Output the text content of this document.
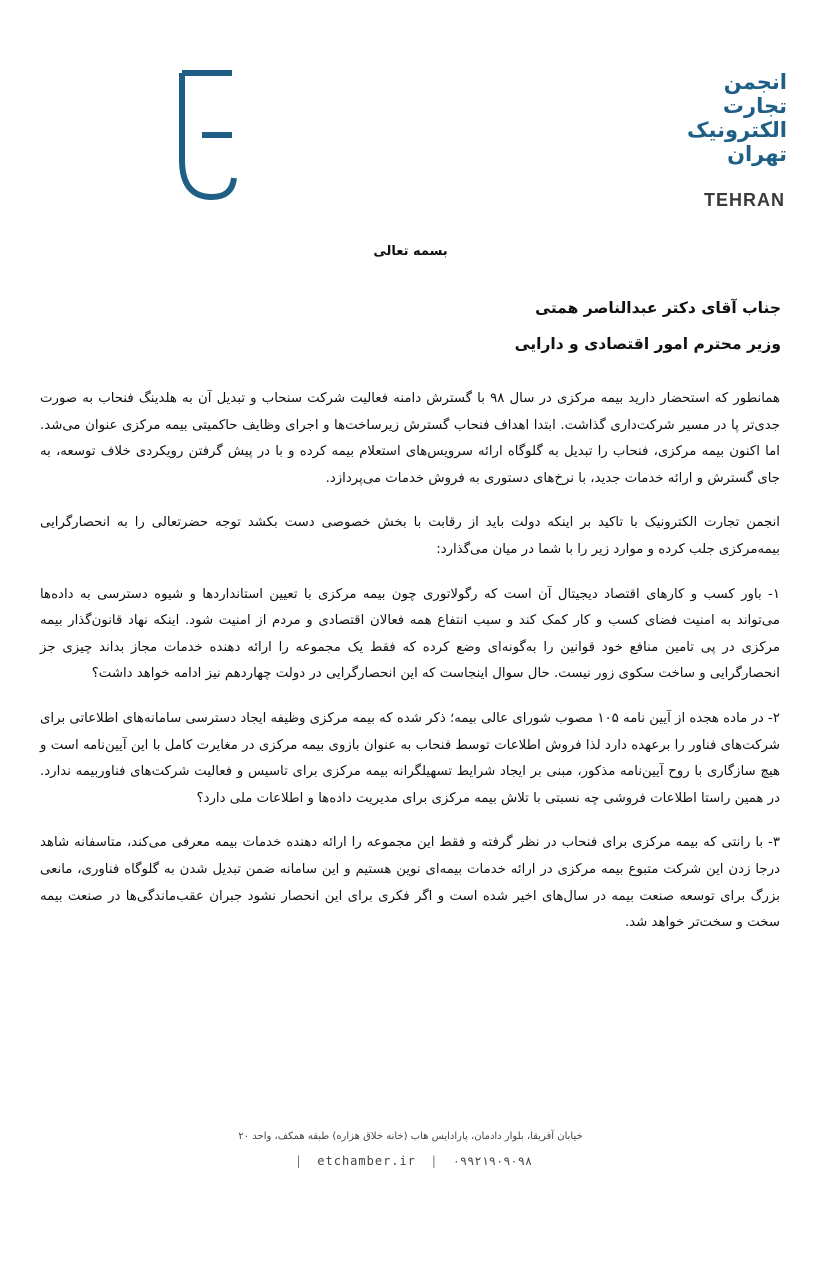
انجمن
تجارت
الکترونیک
تهران
TEHRAN
بسمه تعالی
جناب آقای دکتر عبدالناصر همتی
وزیر محترم امور اقتصادی و دارایی

همانطور که استحضار دارید بیمه مرکزی در سال ۹۸ با گسترش دامنه فعالیت شرکت سنحاب و تبدیل آن به هلدینگ فنحاب به صورت جدی‌تر پا در مسیر شرکت‌داری گذاشت. ابتدا اهداف فنحاب گسترش زیرساخت‌ها و اجرای وظایف حاکمیتی بیمه مرکزی عنوان می‌شد. اما اکنون بیمه مرکزی، فنحاب را تبدیل به گلوگاه ارائه سرویس‌های استعلام بیمه کرده و با در پیش گرفتن رویکردی خلاف توسعه، به جای گسترش و ارائه خدمات جدید، با نرخ‌های دستوری به فروش خدمات می‌پردازد.

انجمن تجارت الکترونیک با تاکید بر اینکه دولت باید از رقابت با بخش خصوصی دست بکشد توجه حضرتعالی را به انحصارگرایی بیمه‌مرکزی جلب کرده و موارد زیر را با شما در میان می‌گذارد:

۱- باور کسب و کارهای اقتصاد دیجیتال آن است که رگولاتوری چون بیمه مرکزی با تعیین استانداردها و شیوه دسترسی به داده‌ها می‌تواند به امنیت فضای کسب و کار کمک کند و سبب انتفاع همه فعالان اقتصادی و مردم از امنیت شود. اینکه نهاد قانون‌گذار بیمه مرکزی در پی تامین منافع خود قوانین را به‌گونه‌ای وضع کرده که فقط یک مجموعه را ارائه دهنده خدمات مجاز بداند چیزی جز انحصارگرایی و ساخت سکوی زور نیست. حال سوال اینجاست که این انحصارگرایی در دولت چهاردهم نیز ادامه خواهد داشت؟

۲- در ماده هجده از آیین نامه ۱۰۵ مصوب شورای عالی بیمه؛ ذکر شده که بیمه مرکزی وظیفه ایجاد دسترسی سامانه‌های اطلاعاتی برای شرکت‌های فناور را برعهده دارد لذا فروش اطلاعات توسط فنحاب به عنوان بازوی بیمه مرکزی در مغایرت کامل با این آیین‌نامه است و هیچ سازگاری با روح آیین‌نامه مذکور، مبنی بر ایجاد شرایط تسهیلگرانه بیمه مرکزی برای تاسیس و فعالیت شرکت‌های فناوربیمه ندارد. در همین راستا اطلاعات فروشی چه نسبتی با تلاش بیمه مرکزی برای مدیریت داده‌ها و اطلاعات ملی دارد؟

۳- با رانتی که بیمه مرکزی برای فنحاب در نظر گرفته و فقط این مجموعه را ارائه دهنده خدمات بیمه معرفی می‌کند، متاسفانه شاهد درجا زدن این شرکت متبوع بیمه مرکزی در ارائه خدمات بیمه‌ای نوین هستیم و این سامانه ضمن تبدیل شدن به گلوگاه فناوری، مانعی بزرگ برای توسعه صنعت بیمه در سال‌های اخیر شده است و اگر فکری برای این انحصار نشود جبران عقب‌ماندگی‌ها در صنعت بیمه سخت و سخت‌تر خواهد شد.

خیابان آفریقا، بلوار دادمان، پارادایس هاب (خانه خلاق هزاره) طبقه همکف، واحد ۲۰
| etchamber.ir | ۰۹۹۲۱۹۰۹۰۹۸
